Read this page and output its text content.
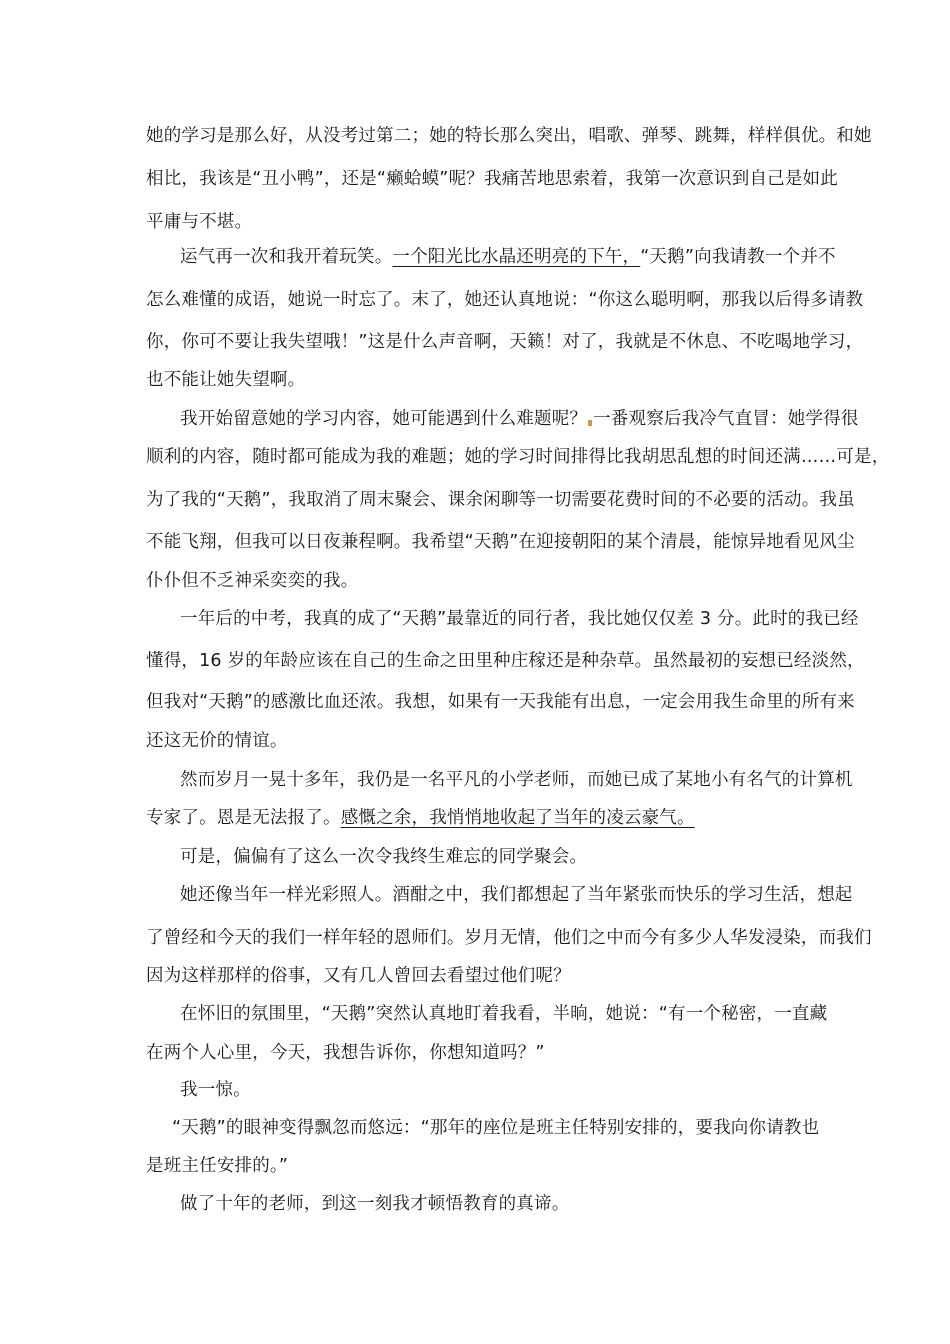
她的学习是那么好，从没考过第二；她的特长那么突出，唱歌、弹琴、跳舞，样样俱优。和她
相比，我该是“丑小鸭”，还是“癞蛤蟆”呢？我痛苦地思索着，我第一次意识到自己是如此
平庸与不堪。
运气再一次和我开着玩笑。一个阳光比水晶还明亮的下午，“天鹅”向我请教一个并不
怎么难懂的成语，她说一时忘了。末了，她还认真地说：“你这么聪明啊，那我以后得多请教
你，你可不要让我失望哦！”这是什么声音啊，天籁！对了，我就是不休息、不吃喝地学习，
也不能让她失望啊。
我开始留意她的学习内容，她可能遇到什么难题呢？ 一番观察后我冷气直冒：她学得很
顺利的内容，随时都可能成为我的难题；她的学习时间排得比我胡思乱想的时间还满……可是，
为了我的“天鹅”，我取消了周末聚会、课余闲聊等一切需要花费时间的不必要的活动。我虽
不能飞翔，但我可以日夜兼程啊。我希望“天鹅”在迎接朝阳的某个清晨，能惊异地看见风尘
仆仆但不乏神采奕奕的我。
一年后的中考，我真的成了“天鹅”最靠近的同行者，我比她仅仅差 3 分。此时的我已经
懂得，16 岁的年龄应该在自己的生命之田里种庄稼还是种杂草。虽然最初的妄想已经淡然，
但我对“天鹅”的感激比血还浓。我想，如果有一天我能有出息，一定会用我生命里的所有来
还这无价的情谊。
然而岁月一晃十多年，我仍是一名平凡的小学老师，而她已成了某地小有名气的计算机
专家了。恩是无法报了。感慨之余，我悄悄地收起了当年的凌云豪气。
可是，偏偏有了这么一次令我终生难忘的同学聚会。
她还像当年一样光彩照人。酒酣之中，我们都想起了当年紧张而快乐的学习生活，想起
了曾经和今天的我们一样年轻的恩师们。岁月无情，他们之中而今有多少人华发浸染，而我们
因为这样那样的俗事，又有几人曾回去看望过他们呢？
在怀旧的氛围里，“天鹅”突然认真地盯着我看，半晌，她说：“有一个秘密，一直藏
在两个人心里，今天，我想告诉你，你想知道吗？”
我一惊。
“天鹅”的眼神变得飘忽而悠远：“那年的座位是班主任特别安排的，要我向你请教也
是班主任安排的。”
做了十年的老师，到这一刻我才顿悟教育的真谛。
